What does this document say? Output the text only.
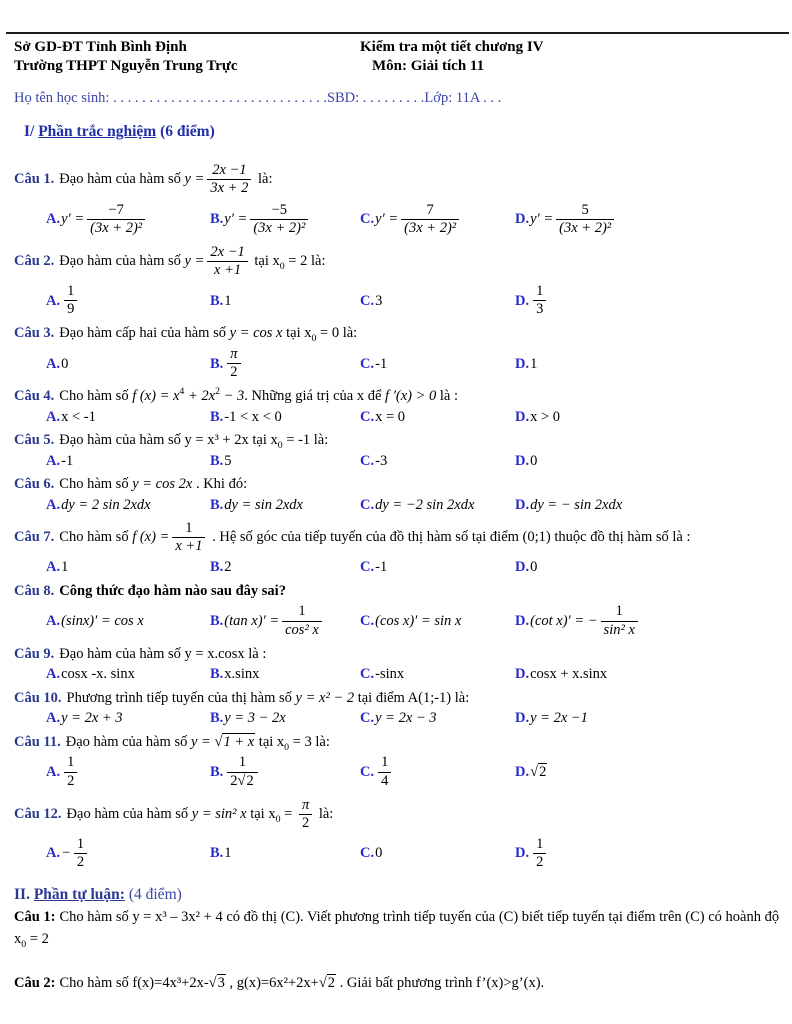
Sở GD-ĐT Tỉnh Bình Định
Trường THPT Nguyễn Trung Trực
Kiểm tra một tiết chương IV
Môn: Giải tích 11
Họ tên học sinh: . . . . . . . . . . . . . . . . . . . . . . . . . . . . . .SBD: . . . . . . . . .Lớp: 11A . . .
I/ Phần trắc nghiệm (6 điểm)
Câu 1. Đạo hàm của hàm số $y = \frac{2x -1}{3x + 2}$ là:
A. $y' = \frac{-7}{\text{(3x + 2)²}}$	B. $y' = \frac{-5}{\text{(3x + 2)²}}$	C. $y' = \frac{7}{\text{(3x + 2)²}}$	D. $y' = \frac{5}{\text{(3x + 2)²}}$
Câu 2. Đạo hàm của hàm số $y = \frac{2x -1}{x +1}$ tại $x_0 = 2$ là:
A. $\frac{1}{9}$	B. 1	C. 3	D. $\frac{1}{3}$
Câu 3. Đạo hàm cấp hai của hàm số y = cos x tại $x_0 = 0$ là:
A. 0	B. $\frac{\pi}{2}$	C. -1	D. 1
Câu 4. Cho hàm số f $(x) = x^4 + 2x^2 - 3$. Những giá trị của x để f ′(x) > 0 là :
A. x < -1	B. -1 < x < 0	C. x = 0	D. x > 0
Câu 5. Đạo hàm của hàm số y = x³ + 2x tại $x_0 = -1$ là:
A. -1	B. 5	C. -3	D. 0
Câu 6. Cho hàm số y = cos 2x . Khi đó:
A. dy = 2 sin 2xdx	B. dy = sin 2xdx	C. dy = −2 sin 2xdx	D. dy = − sin 2xdx
Câu 7. Cho hàm số f $(x) = \frac{1}{x +1}$ . Hệ số góc của tiếp tuyến của đồ thị hàm số tại điểm (0;1) thuộc đồ thị hàm số là :
A. 1	B. 2	C. -1	D. 0
Câu 8. Công thức đạo hàm nào sau đây sai?
A. (sinx)′ = cos x	B. (tan $x)' = \frac{1}{\text{cos² x}}$	C. (cos x)′ = sin x	D. (cot x)′ = − $\frac{1}{\text{sin² x}}$
Câu 9. Đạo hàm của hàm số y = x.cosx là :
A. cosx -x. sinx	B. x.sinx	C. -sinx	D. cosx + x.sinx
Câu 10. Phương trình tiếp tuyến của thị hàm số y = x² − 2 tại điểm A(1;-1) là:
A. y = 2x + 3	B. y = 3 − 2x	C. y = 2x − 3	D. y = 2x −1
Câu 11. Đạo hàm của hàm số y = √1 + x tại $x_0 = 3$ là:
A. $\frac{1}{2}$	B. $\frac{1}{2√2}$	C. $\frac{1}{4}$	D. √2
Câu 12. Đạo hàm của hàm số y = sin² x tại $x_0 = \frac{\pi}{2}$ là:
A. − $\frac{1}{2}$	B. 1	C. 0	D. $\frac{1}{2}$
II. Phần tự luận: (4 điểm)
Câu 1: Cho hàm số y = x³ – 3x² + 4 có đồ thị (C). Viết phương trình tiếp tuyến của (C) biết tiếp tuyến tại điểm trên (C) có hoành độ $x_0 = 2$
Câu 2: Cho hàm số f(x)=4x³+2x-√3 , g(x)=6x²+2x+√2 . Giải bất phương trình f’(x)>g’(x).
